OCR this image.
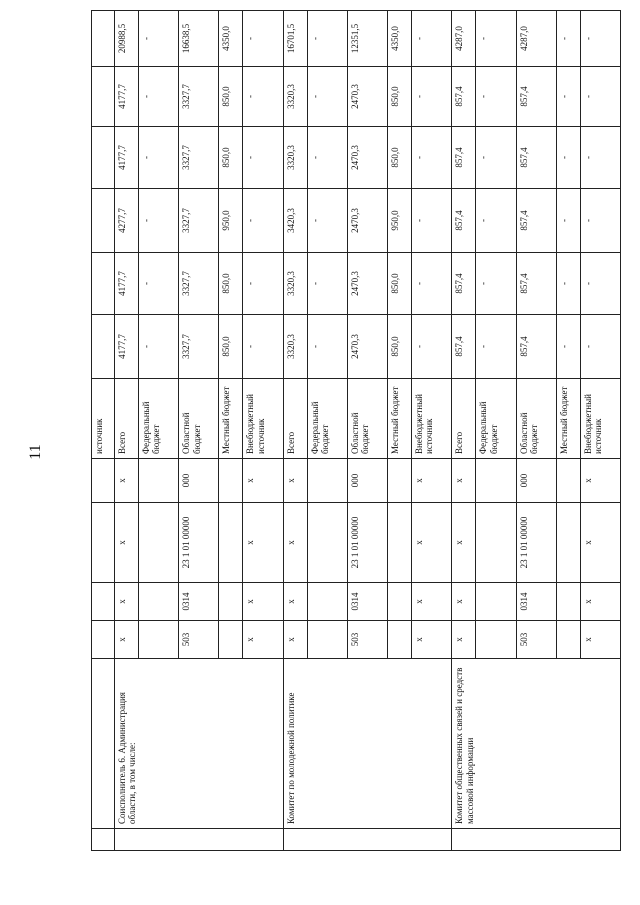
11
							источник						
	Соисполнитель 6. Администрация области, в том числе:	x	x	x	x	Всего	4177,7	4177,7	4277,7	4177,7	4177,7	20988,5
						Федеральный бюджет	-	-	-	-	-	-
		503	0314	23 1 01 00000	000	Областной бюджет	3327,7	3327,7	3327,7	3327,7	3327,7	16638,5
						Местный бюджет	850,0	850,0	950,0	850,0	850,0	4350,0
		x	x	x	x	Внебюджетный источник	-	-	-	-	-	-
	Комитет по молодежной политике	x	x	x	x	Всего	3320,3	3320,3	3420,3	3320,3	3320,3	16701,5
						Федеральный бюджет	-	-	-	-	-	-
		503	0314	23 1 01 00000	000	Областной бюджет	2470,3	2470,3	2470,3	2470,3	2470,3	12351,5
						Местный бюджет	850,0	850,0	950,0	850,0	850,0	4350,0
		x	x	x	x	Внебюджетный источник	-	-	-	-	-	-
	Комитет общественных связей и средств массовой информации	x	x	x	x	Всего	857,4	857,4	857,4	857,4	857,4	4287,0
						Федеральный бюджет	-	-	-	-	-	-
		503	0314	23 1 01 00000	000	Областной бюджет	857,4	857,4	857,4	857,4	857,4	4287,0
						Местный бюджет	-	-	-	-	-	-
		x	x	x	x	Внебюджетный источник	-	-	-	-	-	-
